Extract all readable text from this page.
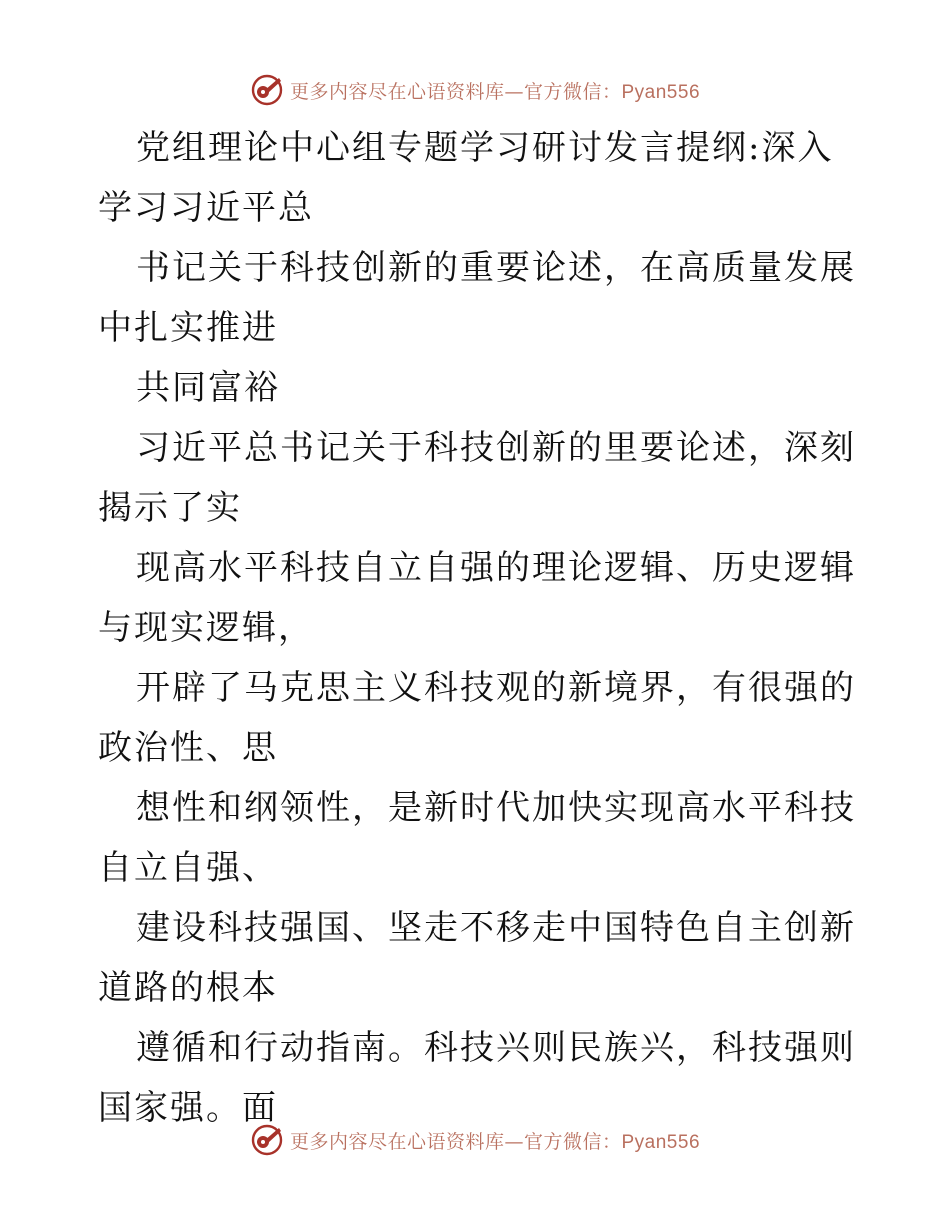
更多内容尽在心语资料库—官方微信：Pyan556

党组理论中心组专题学习研讨发言提纲:深入学习习近平总

书记关于科技创新的重要论述，在高质量发展中扎实推进

共同富裕

习近平总书记关于科技创新的里要论述，深刻揭示了实

现高水平科技自立自强的理论逻辑、历史逻辑与现实逻辑，

开辟了马克思主义科技观的新境界，有很强的政治性、思

想性和纲领性，是新时代加快实现高水平科技自立自强、

建设科技强国、坚走不移走中国特色自主创新道路的根本

遵循和行动指南。科技兴则民族兴，科技强则国家强。面

更多内容尽在心语资料库—官方微信：Pyan556
